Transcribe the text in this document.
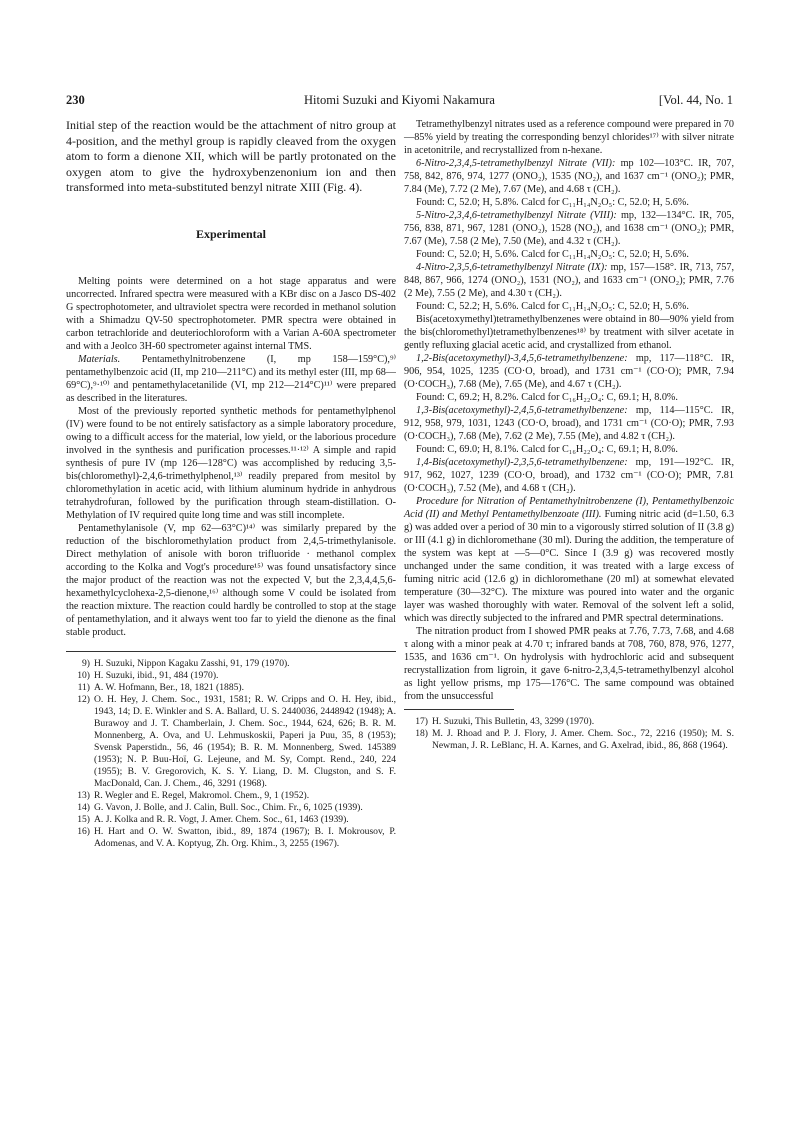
230	Hitomi Suzuki and Kiyomi Nakamura	[Vol. 44, No. 1

Initial step of the reaction would be the attachment of nitro group at 4-position, and the methyl group is rapidly cleaved from the oxygen atom to form a dienone XII, which will be partly protonated on the oxygen atom to give the hydroxybenzenonium ion and then transformed into meta-substituted benzyl nitrate XIII (Fig. 4).

Experimental

Melting points were determined on a hot stage apparatus and were uncorrected. Infrared spectra were measured with a KBr disc on a Jasco DS-402 G spectrophotometer, and ultraviolet spectra were recorded in methanol solution with a Shimadzu QV-50 spectrophotometer. PMR spectra were obtained in carbon tetrachloride and deuteriochloroform with a Varian A-60A spectrometer and with a Jeolco 3H-60 spectrometer against internal TMS.

Materials. Pentamethylnitrobenzene (I, mp 158—159°C),⁹⁾ pentamethylbenzoic acid (II, mp 210—211°C) and its methyl ester (III, mp 68—69°C),⁹·¹⁰⁾ and pentamethylacetanilide (VI, mp 212—214°C)¹¹⁾ were prepared as described in the literatures.

Most of the previously reported synthetic methods for pentamethylphenol (IV) were found to be not entirely satisfactory as a simple laboratory procedure, owing to a difficult access for the material, low yield, or the laborious procedure involved in the synthesis and purification processes.¹¹·¹²⁾ A simple and rapid synthesis of pure IV (mp 126—128°C) was accomplished by reducing 3,5-bis(chloromethyl)-2,4,6-trimethylphenol,¹³⁾ readily prepared from mesitol by chloromethylation in acetic acid, with lithium aluminum hydride in anhydrous tetrahydrofuran, followed by the purification through steam-distillation. O-Methylation of IV required quite long time and was still incomplete.

Pentamethylanisole (V, mp 62—63°C)¹⁴⁾ was similarly prepared by the reduction of the bischloromethylation product from 2,4,5-trimethylanisole. Direct methylation of anisole with boron trifluoride · methanol complex according to the Kolka and Vogt's procedure¹⁵⁾ was found unsatisfactory since the major product of the reaction was not the expected V, but the 2,3,4,4,5,6-hexamethylcyclohexa-2,5-dienone,¹⁶⁾ although some V could be isolated from the reaction mixture. The reaction could hardly be controlled to stop at the stage of pentamethylation, and it always went too far to yield the dienone as the final stable product.

9) H. Suzuki, Nippon Kagaku Zasshi, 91, 179 (1970).

10) H. Suzuki, ibid., 91, 484 (1970).

11) A. W. Hofmann, Ber., 18, 1821 (1885).

12) O. H. Hey, J. Chem. Soc., 1931, 1581; R. W. Cripps and O. H. Hey, ibid., 1943, 14; D. E. Winkler and S. A. Ballard, U. S. 2440036, 2448942 (1948); A. Burawoy and J. T. Chamberlain, J. Chem. Soc., 1944, 624, 626; B. R. M. Monnenberg, A. Ova, and U. Lehmuskoskii, Paperi ja Puu, 35, 8 (1953); Svensk Paperstidn., 56, 46 (1954); B. R. M. Monnenberg, Swed. 145389 (1953); N. P. Buu-Hoï, G. Lejeune, and M. Sy, Compt. Rend., 240, 224 (1955); B. V. Gregorovich, K. S. Y. Liang, D. M. Clugston, and S. F. MacDonald, Can. J. Chem., 46, 3291 (1968).

13) R. Wegler and E. Regel, Makromol. Chem., 9, 1 (1952).

14) G. Vavon, J. Bolle, and J. Calin, Bull. Soc., Chim. Fr., 6, 1025 (1939).

15) A. J. Kolka and R. R. Vogt, J. Amer. Chem. Soc., 61, 1463 (1939).

16) H. Hart and O. W. Swatton, ibid., 89, 1874 (1967); B. I. Mokrousov, P. Adomenas, and V. A. Koptyug, Zh. Org. Khim., 3, 2255 (1967).

Tetramethylbenzyl nitrates used as a reference compound were prepared in 70—85% yield by treating the corresponding benzyl chlorides¹⁷⁾ with silver nitrate in acetonitrile, and recrystallized from n-hexane.

6-Nitro-2,3,4,5-tetramethylbenzyl Nitrate (VII): mp 102—103°C. IR, 707, 758, 842, 876, 974, 1277 (ONO₂), 1535 (NO₂), and 1637 cm⁻¹ (ONO₂); PMR, 7.84 (Me), 7.72 (2 Me), 7.67 (Me), and 4.68 τ (CH₂).

Found: C, 52.0; H, 5.8%. Calcd for C₁₁H₁₄N₂O₅: C, 52.0; H, 5.6%.

5-Nitro-2,3,4,6-tetramethylbenzyl Nitrate (VIII): mp, 132—134°C. IR, 705, 756, 838, 871, 967, 1281 (ONO₂), 1528 (NO₂), and 1638 cm⁻¹ (ONO₂); PMR, 7.67 (Me), 7.58 (2 Me), 7.50 (Me), and 4.32 τ (CH₂).

Found: C, 52.0; H, 5.6%. Calcd for C₁₁H₁₄N₂O₅: C, 52.0; H, 5.6%.

4-Nitro-2,3,5,6-tetramethylbenzyl Nitrate (IX): mp, 157—158°. IR, 713, 757, 848, 867, 966, 1274 (ONO₂), 1531 (NO₂), and 1633 cm⁻¹ (ONO₂); PMR, 7.76 (2 Me), 7.55 (2 Me), and 4.30 τ (CH₂).

Found: C, 52.2; H, 5.6%. Calcd for C₁₁H₁₄N₂O₅: C, 52.0; H, 5.6%.

Bis(acetoxymethyl)tetramethylbenzenes were obtaind in 80—90% yield from the bis(chloromethyl)tetramethylbenzenes¹⁸⁾ by treatment with silver acetate in gently refluxing glacial acetic acid, and crystallized from ethanol.

1,2-Bis(acetoxymethyl)-3,4,5,6-tetramethylbenzene: mp, 117—118°C. IR, 906, 954, 1025, 1235 (CO·O, broad), and 1731 cm⁻¹ (CO·O); PMR, 7.94 (O·COCH₃), 7.68 (Me), 7.65 (Me), and 4.67 τ (CH₂).

Found: C, 69.2; H, 8.2%. Calcd for C₁₆H₂₂O₄: C, 69.1; H, 8.0%.

1,3-Bis(acetoxymethyl)-2,4,5,6-tetramethylbenzene: mp, 114—115°C. IR, 912, 958, 979, 1031, 1243 (CO·O, broad), and 1731 cm⁻¹ (CO·O); PMR, 7.93 (O·COCH₃), 7.68 (Me), 7.62 (2 Me), 7.55 (Me), and 4.82 τ (CH₂).

Found: C, 69.0; H, 8.1%. Calcd for C₁₆H₂₂O₄: C, 69.1; H, 8.0%.

1,4-Bis(acetoxymethyl)-2,3,5,6-tetramethylbenzene: mp, 191—192°C. IR, 917, 962, 1027, 1239 (CO·O, broad), and 1732 cm⁻¹ (CO·O); PMR, 7.81 (O·COCH₃), 7.52 (Me), and 4.68 τ (CH₂).

Procedure for Nitration of Pentamethylnitrobenzene (I), Pentamethylbenzoic Acid (II) and Methyl Pentamethylbenzoate (III). Fuming nitric acid (d=1.50, 6.3 g) was added over a period of 30 min to a vigorously stirred solution of II (3.8 g) or III (4.1 g) in dichloromethane (30 ml). During the addition, the temperature of the system was kept at —5—0°C. Since I (3.9 g) was recovered mostly unchanged under the same condition, it was treated with a large excess of fuming nitric acid (12.6 g) in dichloromethane (20 ml) at somewhat elevated temperature (30—32°C). The mixture was poured into water and the organic layer was washed thoroughly with water. Removal of the solvent left a solid, which was directly subjected to the infrared and PMR spectral determinations.

The nitration product from I showed PMR peaks at 7.76, 7.73, 7.68, and 4.68 τ along with a minor peak at 4.70 τ; infrared bands at 708, 760, 878, 976, 1277, 1535, and 1636 cm⁻¹. On hydrolysis with hydrochloric acid and subsequent recrystallization from ligroin, it gave 6-nitro-2,3,4,5-tetramethylbenzyl alcohol as light yellow prisms, mp 175—176°C. The same compound was obtained from the unsuccessful

17) H. Suzuki, This Bulletin, 43, 3299 (1970).

18) M. J. Rhoad and P. J. Flory, J. Amer. Chem. Soc., 72, 2216 (1950); M. S. Newman, J. R. LeBlanc, H. A. Karnes, and G. Axelrad, ibid., 86, 868 (1964).
